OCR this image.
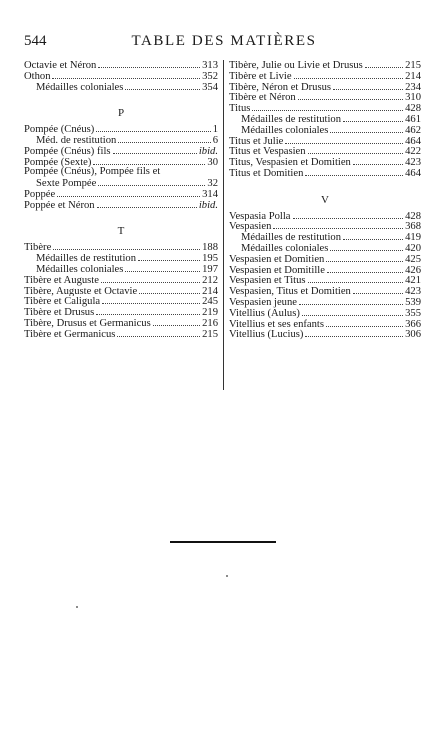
544	TABLE DES MATIÈRES
Octavie et Néron	313
Othon	352
Médailles coloniales	354
P
Pompée (Cnéus)	1
Méd. de restitution	6
Pompée (Cnéus) fils	ibid.
Pompée (Sexte)	30
Pompée (Cnéus), Pompée fils et
Sexte Pompée	32
Poppée	314
Poppée et Néron	ibid.
T
Tibère	188
Médailles de restitution	195
Médailles coloniales	197
Tibère et Auguste	212
Tibère, Auguste et Octavie	214
Tibère et Caligula	245
Tibère et Drusus	219
Tibère, Drusus et Germanicus	216
Tibère et Germanicus	215
Tibère, Julie ou Livie et Drusus	215
Tibère et Livie	214
Tibère, Néron et Drusus	234
Tibère et Néron	310
Titus	428
Médailles de restitution	461
Médailles coloniales	462
Titus et Julie	464
Titus et Vespasien	422
Titus, Vespasien et Domitien	423
Titus et Domitien	464
V
Vespasia Polla	428
Vespasien	368
Médailles de restitution	419
Médailles coloniales	420
Vespasien et Domitien	425
Vespasien et Domitille	426
Vespasien et Titus	421
Vespasien, Titus et Domitien	423
Vespasien jeune	539
Vitellius (Aulus)	355
Vitellius et ses enfants	366
Vitellius (Lucius)	306
